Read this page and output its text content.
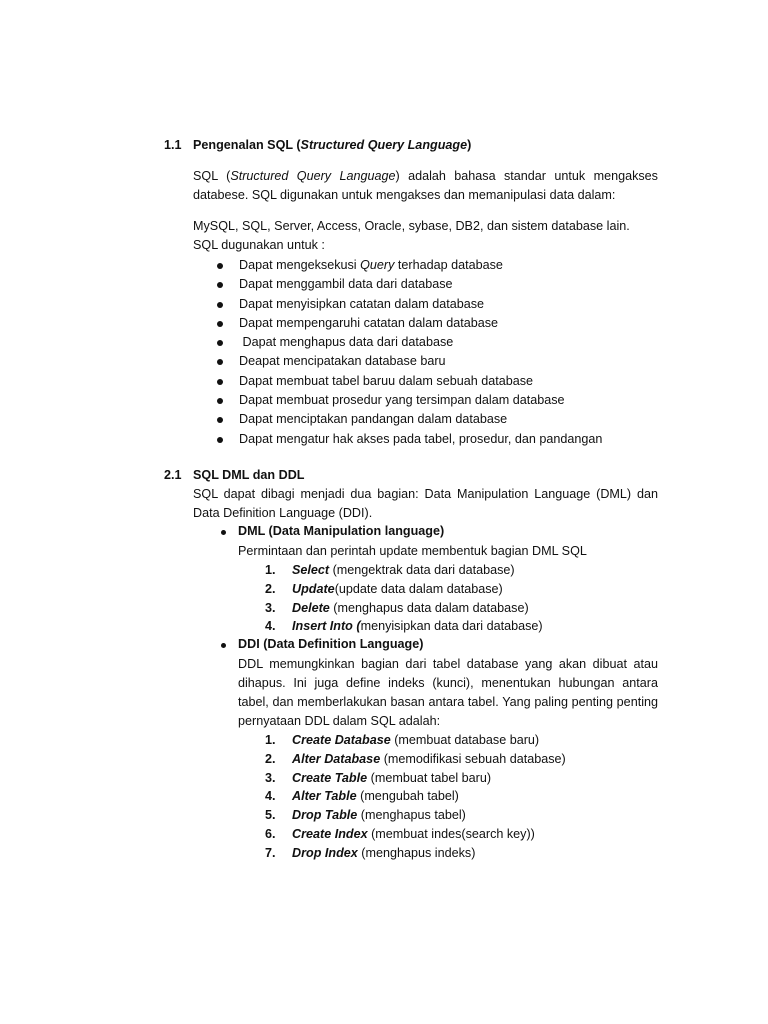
1.1 Pengenalan SQL (Structured Query Language)
SQL (Structured Query Language) adalah bahasa standar untuk mengakses databese. SQL digunakan untuk mengakses dan memanipulasi data dalam:
MySQL, SQL, Server, Access, Oracle, sybase, DB2, dan sistem database lain.
SQL dugunakan untuk :
Dapat mengeksekusi Query terhadap database
Dapat menggambil data dari database
Dapat menyisipkan catatan dalam database
Dapat mempengaruhi catatan dalam database
Dapat menghapus data dari database
Deapat mencipatakan database baru
Dapat membuat tabel baruu dalam sebuah database
Dapat membuat prosedur yang tersimpan dalam database
Dapat menciptakan pandangan dalam database
Dapat mengatur hak akses pada tabel, prosedur, dan pandangan
2.1 SQL DML dan DDL
SQL dapat dibagi menjadi dua bagian: Data Manipulation Language (DML) dan Data Definition Language (DDI).
DML (Data Manipulation language)
Permintaan dan perintah update membentuk bagian DML SQL
1. Select (mengektrak data dari database)
2. Update(update data dalam database)
3. Delete (menghapus data dalam database)
4. Insert Into (menyisipkan data dari database)
DDI (Data Definition Language)
DDL memungkinkan bagian dari tabel database yang akan dibuat atau dihapus. Ini juga define indeks (kunci), menentukan hubungan antara tabel, dan memberlakukan basan antara tabel. Yang paling penting penting pernyataan DDL dalam SQL adalah:
1. Create Database (membuat database baru)
2. Alter Database (memodifikasi sebuah database)
3. Create Table (membuat tabel baru)
4. Alter Table (mengubah tabel)
5. Drop Table (menghapus tabel)
6. Create Index (membuat indes(search key))
7. Drop Index (menghapus indeks)
